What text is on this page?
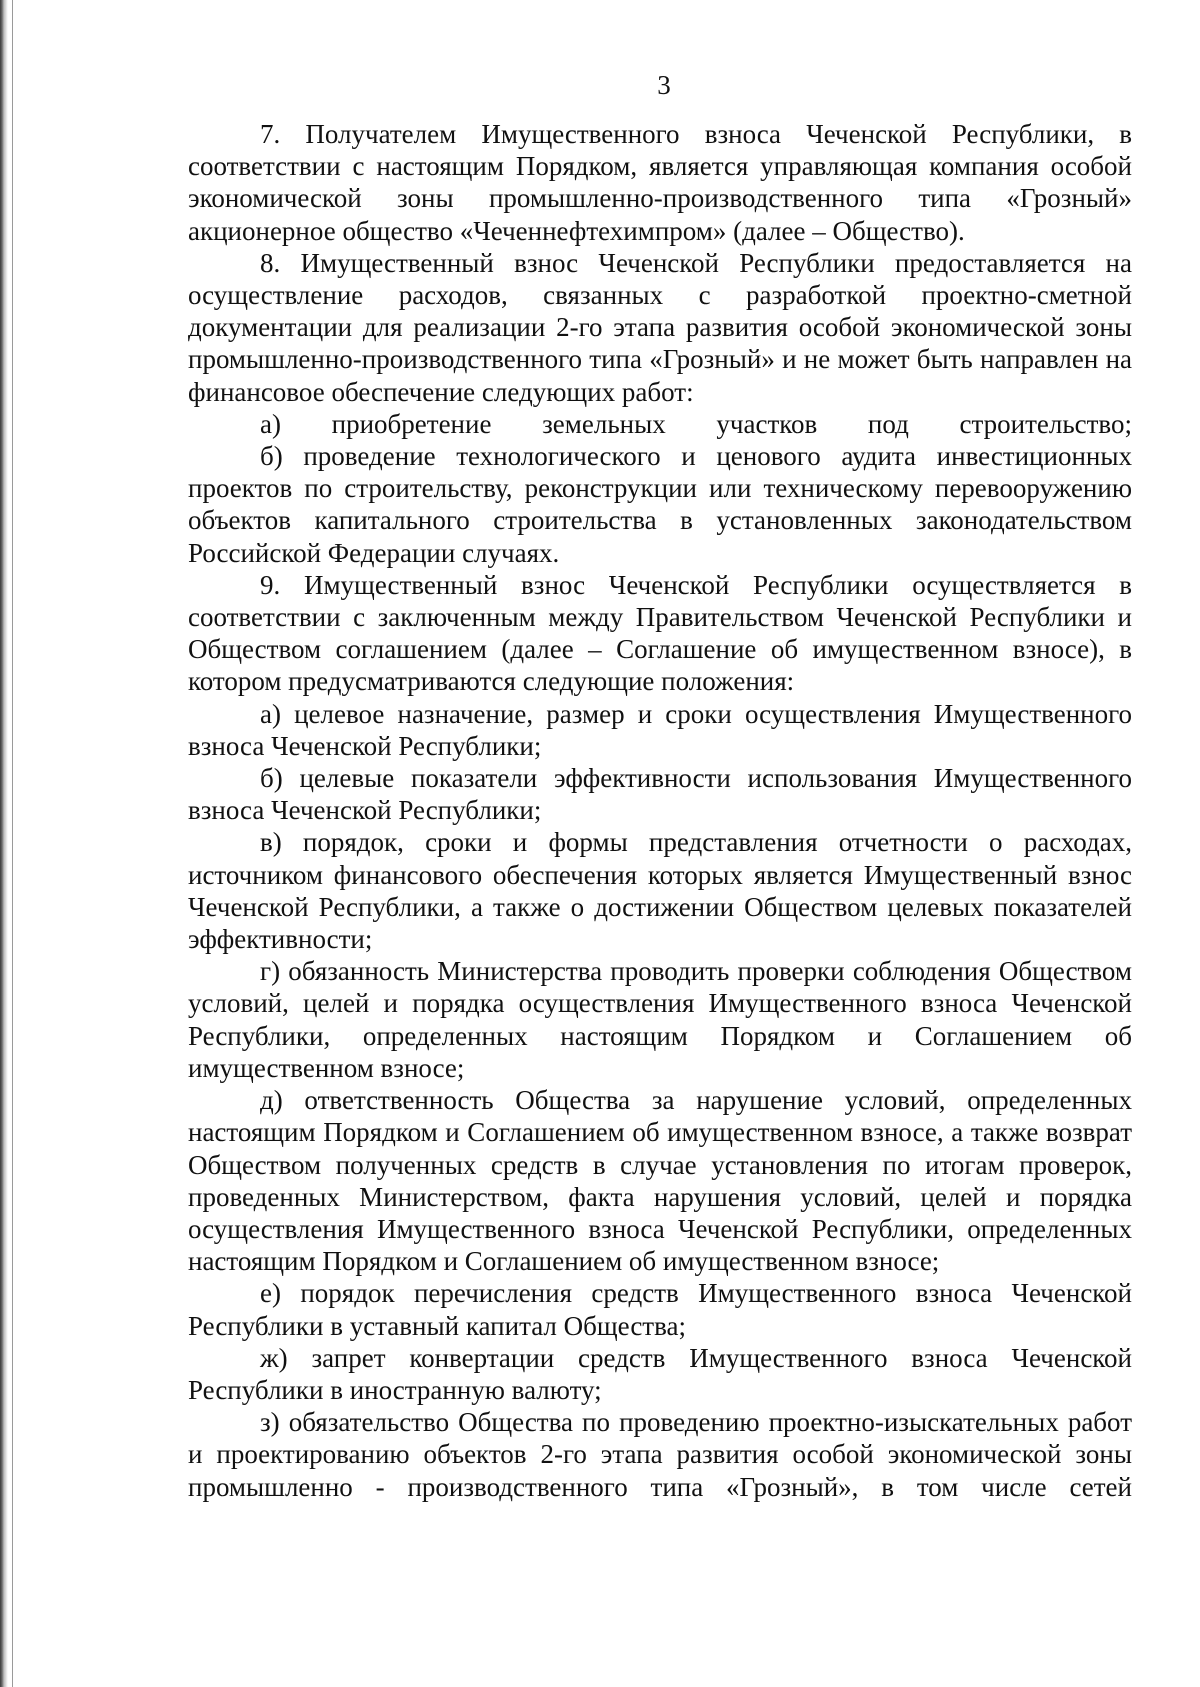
3

7. Получателем Имущественного взноса Чеченской Республики, в соответствии с настоящим Порядком, является управляющая компания особой экономической зоны промышленно-производственного типа «Грозный» акционерное общество «Чеченнефтехимпром» (далее – Общество).

8. Имущественный взнос Чеченской Республики предоставляется на осуществление расходов, связанных с разработкой проектно-сметной документации для реализации 2-го этапа развития особой экономической зоны промышленно-производственного типа «Грозный» и не может быть направлен на финансовое обеспечение следующих работ:

а) приобретение земельных участков под строительство;

б) проведение технологического и ценового аудита инвестиционных проектов по строительству, реконструкции или техническому перевооружению объектов капитального строительства в установленных законодательством Российской Федерации случаях.

9. Имущественный взнос Чеченской Республики осуществляется в соответствии с заключенным между Правительством Чеченской Республики и Обществом соглашением (далее – Соглашение об имущественном взносе), в котором предусматриваются следующие положения:

а) целевое назначение, размер и сроки осуществления Имущественного взноса Чеченской Республики;

б) целевые показатели эффективности использования Имущественного взноса Чеченской Республики;

в) порядок, сроки и формы представления отчетности о расходах, источником финансового обеспечения которых является Имущественный взнос Чеченской Республики, а также о достижении Обществом целевых показателей эффективности;

г) обязанность Министерства проводить проверки соблюдения Обществом условий, целей и порядка осуществления Имущественного взноса Чеченской Республики, определенных настоящим Порядком и Соглашением об имущественном взносе;

д) ответственность Общества за нарушение условий, определенных настоящим Порядком и Соглашением об имущественном взносе, а также возврат Обществом полученных средств в случае установления по итогам проверок, проведенных Министерством, факта нарушения условий, целей и порядка осуществления Имущественного взноса Чеченской Республики, определенных настоящим Порядком и Соглашением об имущественном взносе;

е) порядок перечисления средств Имущественного взноса Чеченской Республики в уставный капитал Общества;

ж) запрет конвертации средств Имущественного взноса Чеченской Республики в иностранную валюту;

з) обязательство Общества по проведению проектно-изыскательных работ и проектированию объектов 2-го этапа развития особой экономической зоны промышленно - производственного типа «Грозный», в том числе сетей
